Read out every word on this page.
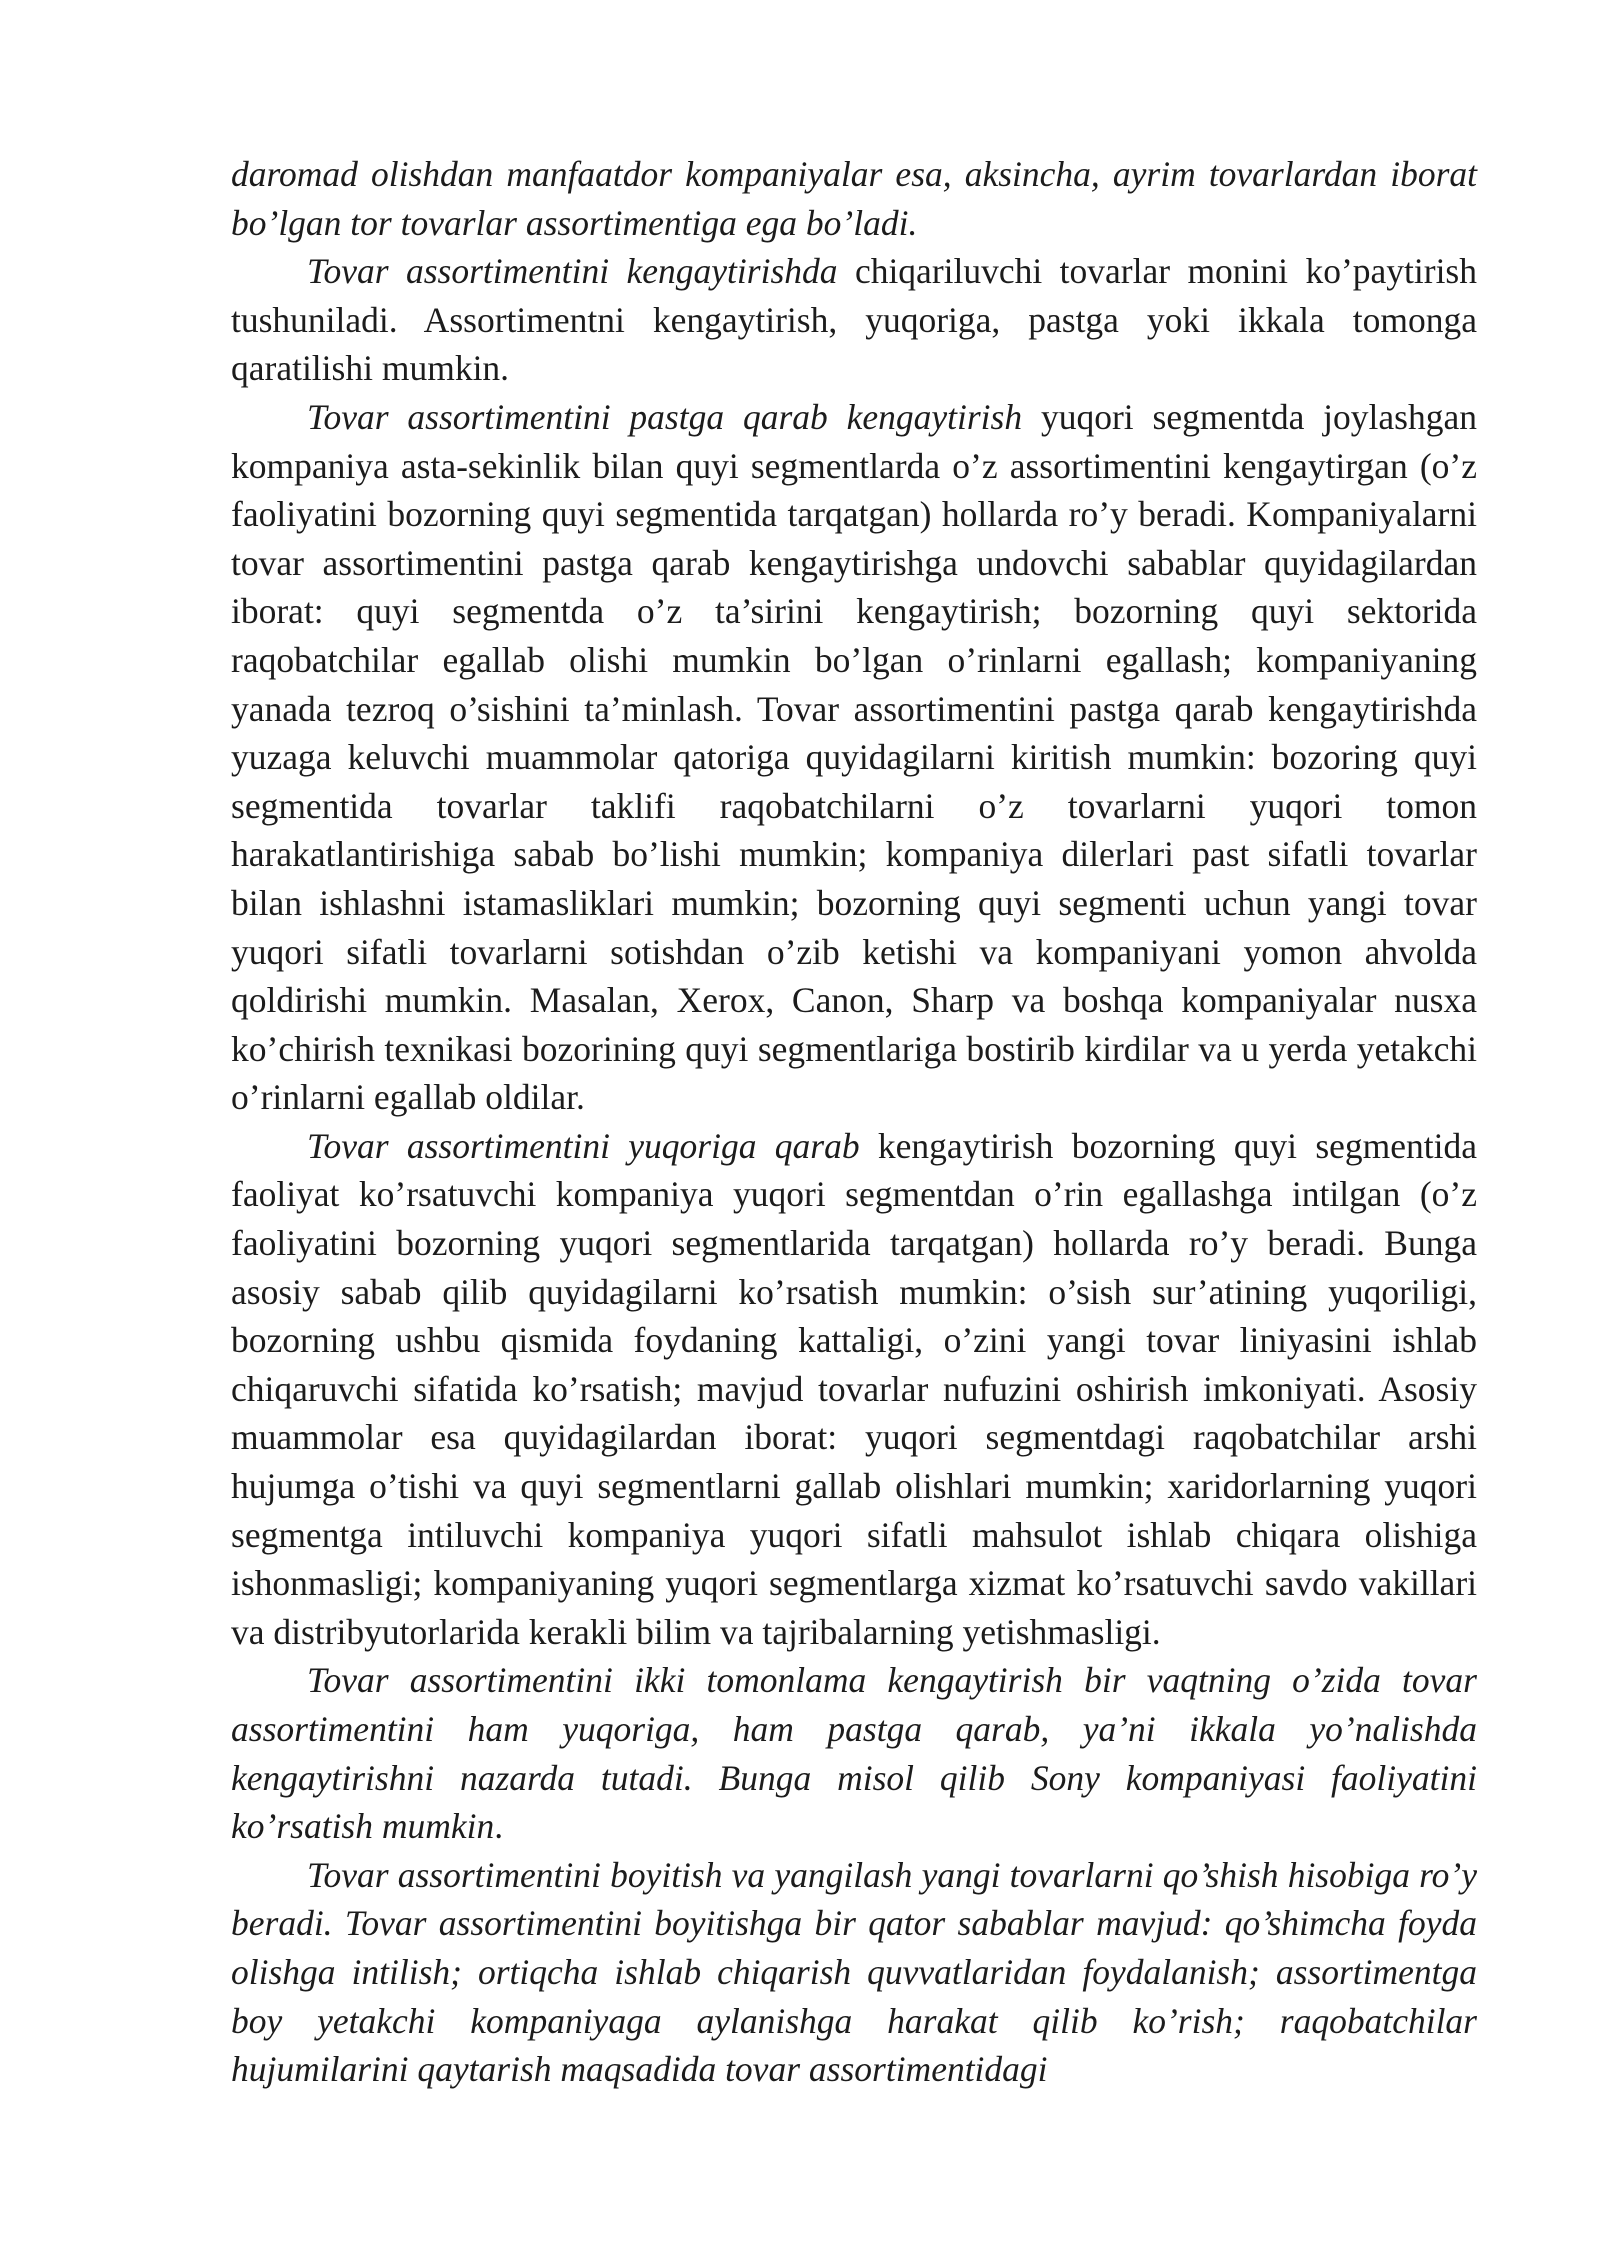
daromad olishdan manfaatdor kompaniyalar esa, aksincha, ayrim tovarlardan iborat bo’lgan tor tovarlar assortimentiga ega bo’ladi.

Tovar assortimentini kengaytirishda chiqariluvchi tovarlar monini ko’paytirish tushuniladi. Assortimentni kengaytirish, yuqoriga, pastga yoki ikkala tomonga qaratilishi mumkin.

Tovar assortimentini pastga qarab kengaytirish yuqori segmentda joylashgan kompaniya asta-sekinlik bilan quyi segmentlarda o’z assortimentini kengaytirgan (o’z faoliyatini bozorning quyi segmentida tarqatgan) hollarda ro’y beradi. Kompaniyalarni tovar assortimentini pastga qarab kengaytirishga undovchi sabablar quyidagilardan iborat: quyi segmentda o’z ta’sirini kengaytirish; bozorning quyi sektorida raqobatchilar egallab olishi mumkin bo’lgan o’rinlarni egallash; kompaniyaning yanada tezroq o’sishini ta’minlash. Tovar assortimentini pastga qarab kengaytirishda yuzaga keluvchi muammolar qatoriga quyidagilarni kiritish mumkin: bozoring quyi segmentida tovarlar taklifi raqobatchilarni o’z tovarlarni yuqori tomon harakatlantirishiga sabab bo’lishi mumkin; kompaniya dilerlari past sifatli tovarlar bilan ishlashni istamasliklari mumkin; bozorning quyi segmenti uchun yangi tovar yuqori sifatli tovarlarni sotishdan o’zib ketishi va kompaniyani yomon ahvolda qoldirishi mumkin. Masalan, Xerox, Canon, Sharp va boshqa kompaniyalar nusxa ko’chirish texnikasi bozorining quyi segmentlariga bostirib kirdilar va u yerda yetakchi o’rinlarni egallab oldilar.

Tovar assortimentini yuqoriga qarab kengaytirish bozorning quyi segmentida faoliyat ko’rsatuvchi kompaniya yuqori segmentdan o’rin egallashga intilgan (o’z faoliyatini bozorning yuqori segmentlarida tarqatgan) hollarda ro’y beradi. Bunga asosiy sabab qilib quyidagilarni ko’rsatish mumkin: o’sish sur’atining yuqoriligi, bozorning ushbu qismida foydaning kattaligi, o’zini yangi tovar liniyasini ishlab chiqaruvchi sifatida ko’rsatish; mavjud tovarlar nufuzini oshirish imkoniyati. Asosiy muammolar esa quyidagilardan iborat: yuqori segmentdagi raqobatchilar arshi hujumga o’tishi va quyi segmentlarni gallab olishlari mumkin; xaridorlarning yuqori segmentga intiluvchi kompaniya yuqori sifatli mahsulot ishlab chiqara olishiga ishonmasligi; kompaniyaning yuqori segmentlarga xizmat ko’rsatuvchi savdo vakillari va distribyutorlarida kerakli bilim va tajribalarning yetishmasligi.

Tovar assortimentini ikki tomonlama kengaytirish bir vaqtning o’zida tovar assortimentini ham yuqoriga, ham pastga qarab, ya’ni ikkala yo’nalishda kengaytirishni nazarda tutadi. Bunga misol qilib Sony kompaniyasi faoliyatini ko’rsatish mumkin.

Tovar assortimentini boyitish va yangilash yangi tovarlarni qo’shish hisobiga ro’y beradi. Tovar assortimentini boyitishga bir qator sabablar mavjud: qo’shimcha foyda olishga intilish; ortiqcha ishlab chiqarish quvvatlaridan foydalanish; assortimentga boy yetakchi kompaniyaga aylanishga harakat qilib ko’rish; raqobatchilar hujumilarini qaytarish maqsadida tovar assortimentidagi
